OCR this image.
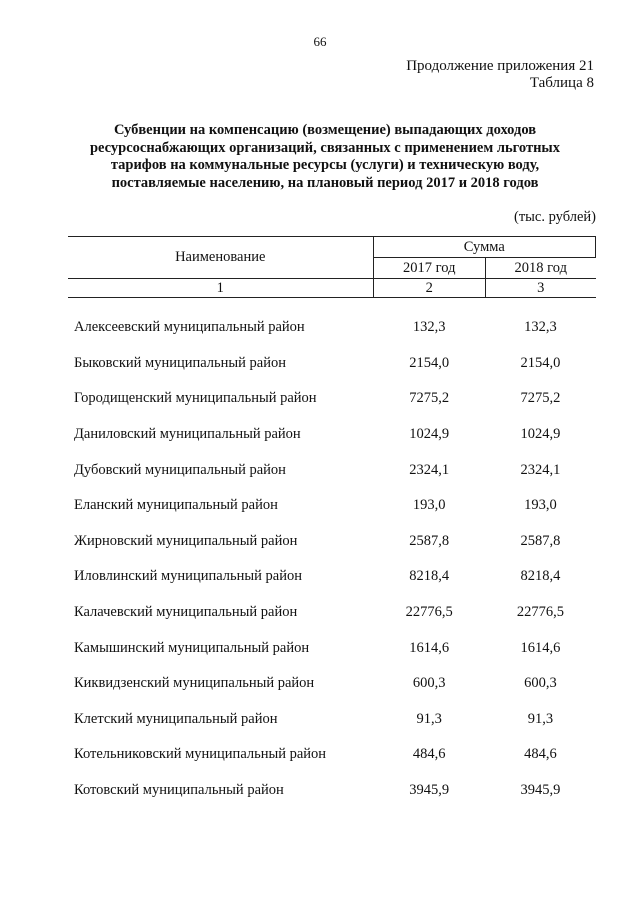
66
Продолжение приложения 21
Таблица 8
Субвенции на компенсацию (возмещение) выпадающих доходов
ресурсоснабжающих организаций, связанных с применением льготных
тарифов на коммунальные ресурсы (услуги) и техническую воду,
поставляемые населению, на плановый период 2017 и 2018 годов
(тыс. рублей)
Наименование	Сумма	
	2017 год	2018 год
1	2	3
Алексеевский муниципальный район	132,3	132,3
Быковский муниципальный район	2154,0	2154,0
Городищенский муниципальный район	7275,2	7275,2
Даниловский муниципальный район	1024,9	1024,9
Дубовский муниципальный район	2324,1	2324,1
Еланский муниципальный район	193,0	193,0
Жирновский муниципальный район	2587,8	2587,8
Иловлинский муниципальный район	8218,4	8218,4
Калачевский муниципальный район	22776,5	22776,5
Камышинский муниципальный район	1614,6	1614,6
Киквидзенский муниципальный район	600,3	600,3
Клетский муниципальный район	91,3	91,3
Котельниковский муниципальный район	484,6	484,6
Котовский муниципальный район	3945,9	3945,9
